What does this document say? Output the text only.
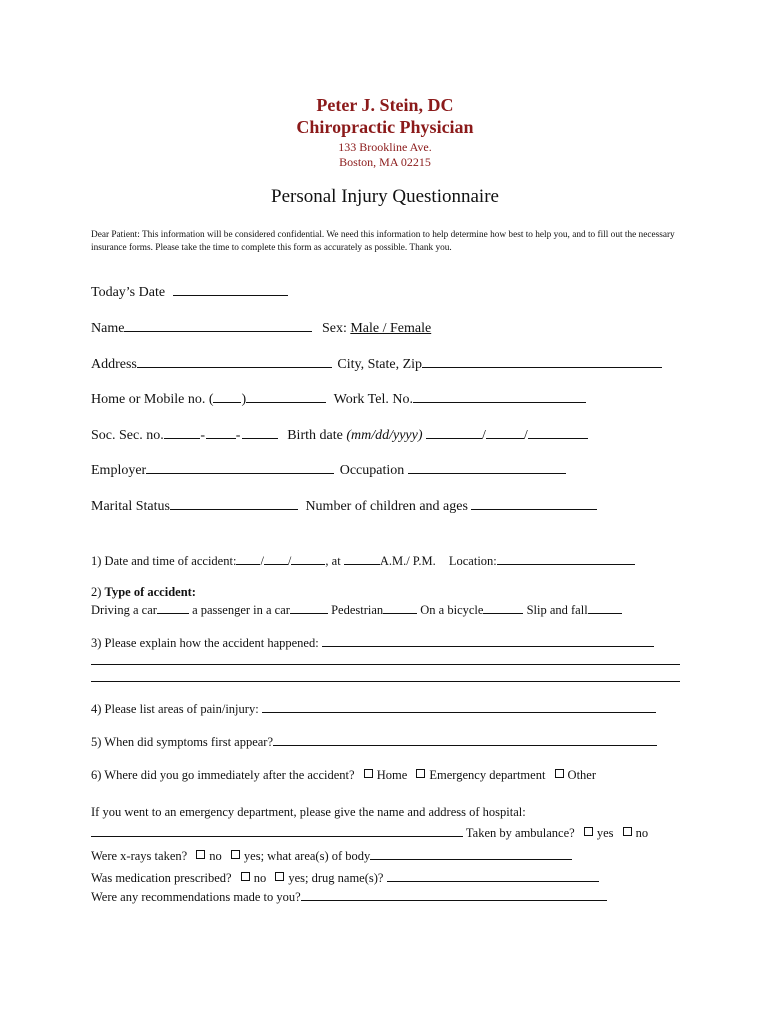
Peter J. Stein, DC
Chiropractic Physician
133 Brookline Ave.
Boston, MA 02215
Personal Injury Questionnaire
Dear Patient: This information will be considered confidential. We need this information to help determine how best to help you, and to fill out the necessary insurance forms. Please take the time to complete this form as accurately as possible. Thank you.
Today’s Date
Name	Sex: Male / Female
Address	City, State, Zip
Home or Mobile no. ( )	Work Tel. No.
Soc. Sec. no.	- -	Birth date (mm/dd/yyyy)	/	/
Employer	Occupation
Marital Status	Number of children and ages
1) Date and time of accident: / /	, at	A.M./ P.M. Location:
2) Type of accident:
Driving a car	a passenger in a car	Pedestrian	On a bicycle	Slip and fall
3) Please explain how the accident happened:
4) Please list areas of pain/injury:
5) When did symptoms first appear?
6) Where did you go immediately after the accident? Home Emergency department Other
If you went to an emergency department, please give the name and address of hospital:
Taken by ambulance? yes no
Were x-rays taken? no yes; what area(s) of body
Was medication prescribed? no yes; drug name(s)?
Were any recommendations made to you?
